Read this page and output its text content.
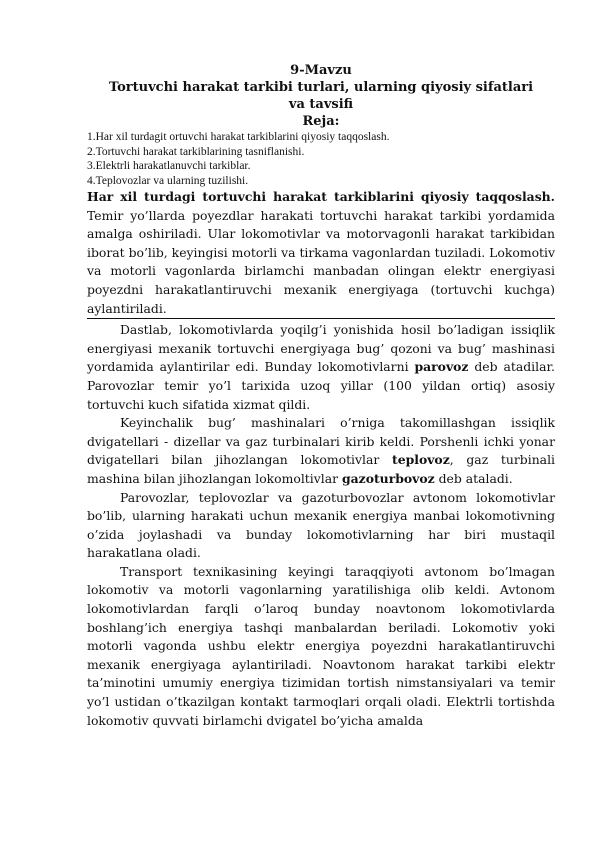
9-Mavzu
Tortuvchi harakat tarkibi turlari, ularning qiyosiy sifatlari va tavsifi
Reja:
1.Har xil turdagit ortuvchi harakat tarkiblarini qiyosiy taqqoslash.
2.Tortuvchi harakat tarkiblarining tasniflanishi.
3.Elektrli harakatlanuvchi tarkiblar.
4.Teplovozlar va ularning tuzilishi.

Har xil turdagi tortuvchi harakat tarkiblarini qiyosiy taqqoslash. Temir yo’llarda poyezdlar harakati tortuvchi harakat tarkibi yordamida amalga oshiriladi. Ular lokomotivlar va motorvagonli harakat tarkibidan iborat bo’lib, keyingisi motorli va tirkama vagonlardan tuziladi. Lokomotiv va motorli vagonlarda birlamchi manbadan olingan elektr energiyasi poyezdni harakatlantiruvchi mexanik energiyaga (tortuvchi kuchga) aylantiriladi.

Dastlab, lokomotivlarda yoqilg’i yonishida hosil bo’ladigan issiqlik energiyasi mexanik tortuvchi energiyaga bug’ qozoni va bug’ mashinasi yordamida aylantirilar edi. Bunday lokomotivlarni parovoz deb atadilar. Parovozlar temir yo’l tarixida uzoq yillar (100 yildan ortiq) asosiy tortuvchi kuch sifatida xizmat qildi.

Keyinchalik bug’ mashinalari o’rniga takomillashgan issiqlik dvigatellari - dizellar va gaz turbinalari kirib keldi. Porshenli ichki yonar dvigatellari bilan jihozlangan lokomotivlar teplovoz, gaz turbinali mashina bilan jihozlangan lokomoltivlar gazoturbovoz deb ataladi.

Parovozlar, teplovozlar va gazoturbovozlar avtonom lokomotivlar bo’lib, ularning harakati uchun mexanik energiya manbai lokomotivning o’zida joylashadi va bunday lokomotivlarning har biri mustaqil harakatlana oladi.

Transport texnikasining keyingi taraqqiyoti avtonom bo’lmagan lokomotiv va motorli vagonlarning yaratilishiga olib keldi. Avtonom lokomotivlardan farqli o’laroq bunday noavtonom lokomotivlarda boshlang’ich energiya tashqi manbalardan beriladi. Lokomotiv yoki motorli vagonda ushbu elektr energiya poyezdni harakatlantiruvchi mexanik energiyaga aylantiriladi. Noavtonom harakat tarkibi elektr ta’minotini umumiy energiya tizimidan tortish nimstansiyalari va temir yo’l ustidan o’tkazilgan kontakt tarmoqlari orqali oladi. Elektrli tortishda lokomotiv quvvati birlamchi dvigatel bo’yicha amalda
